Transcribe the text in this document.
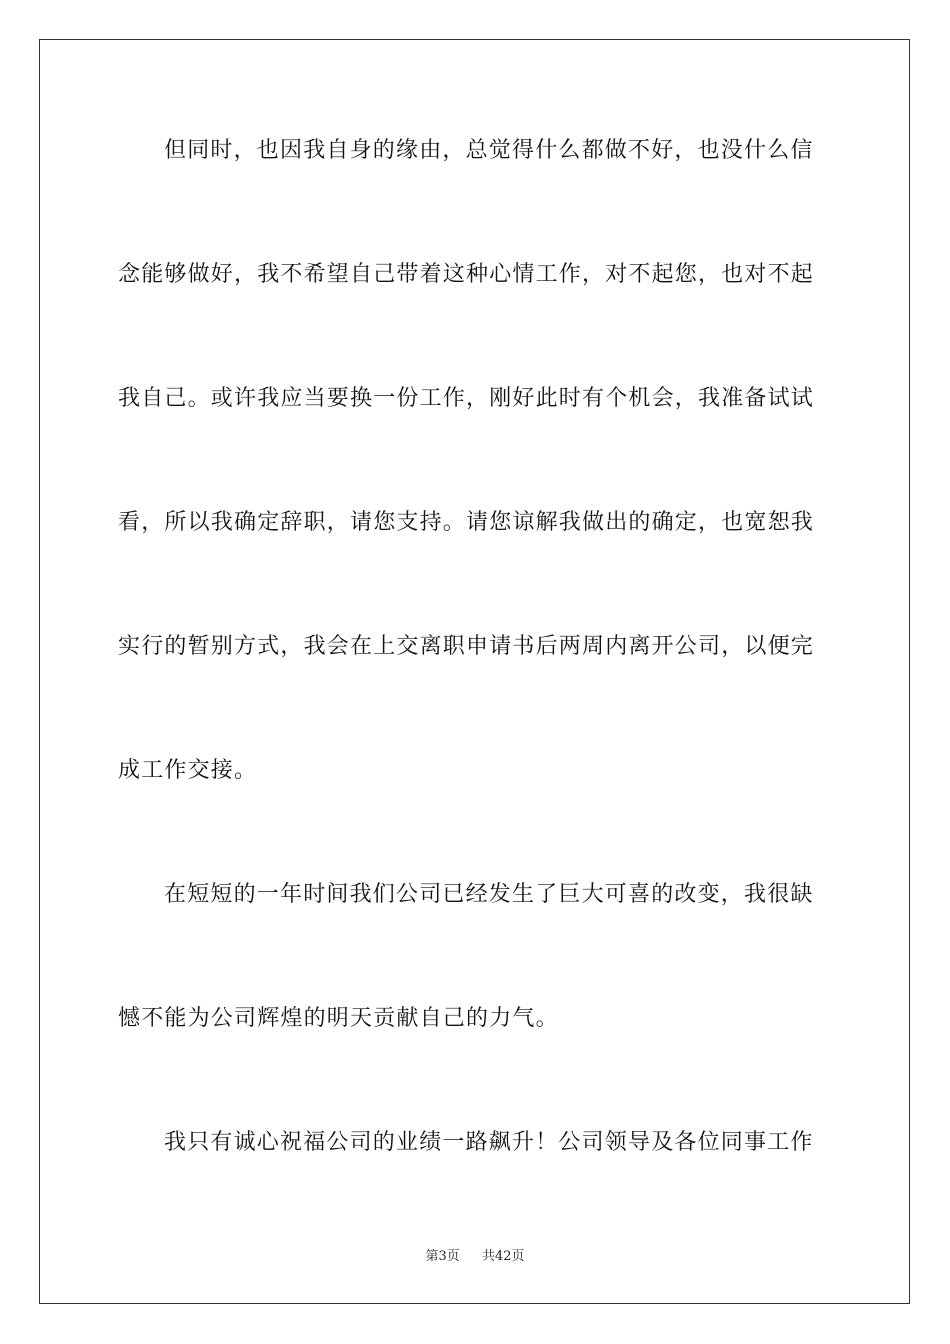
但同时，也因我自身的缘由，总觉得什么都做不好，也没什么信
念能够做好，我不希望自己带着这种心情工作，对不起您，也对不起
我自己。或许我应当要换一份工作，刚好此时有个机会，我准备试试
看，所以我确定辞职，请您支持。请您谅解我做出的确定，也宽恕我
实行的暂别方式，我会在上交离职申请书后两周内离开公司，以便完
成工作交接。
在短短的一年时间我们公司已经发生了巨大可喜的改变，我很缺
憾不能为公司辉煌的明天贡献自己的力气。
我只有诚心祝福公司的业绩一路飙升！公司领导及各位同事工作
第3页 共42页
